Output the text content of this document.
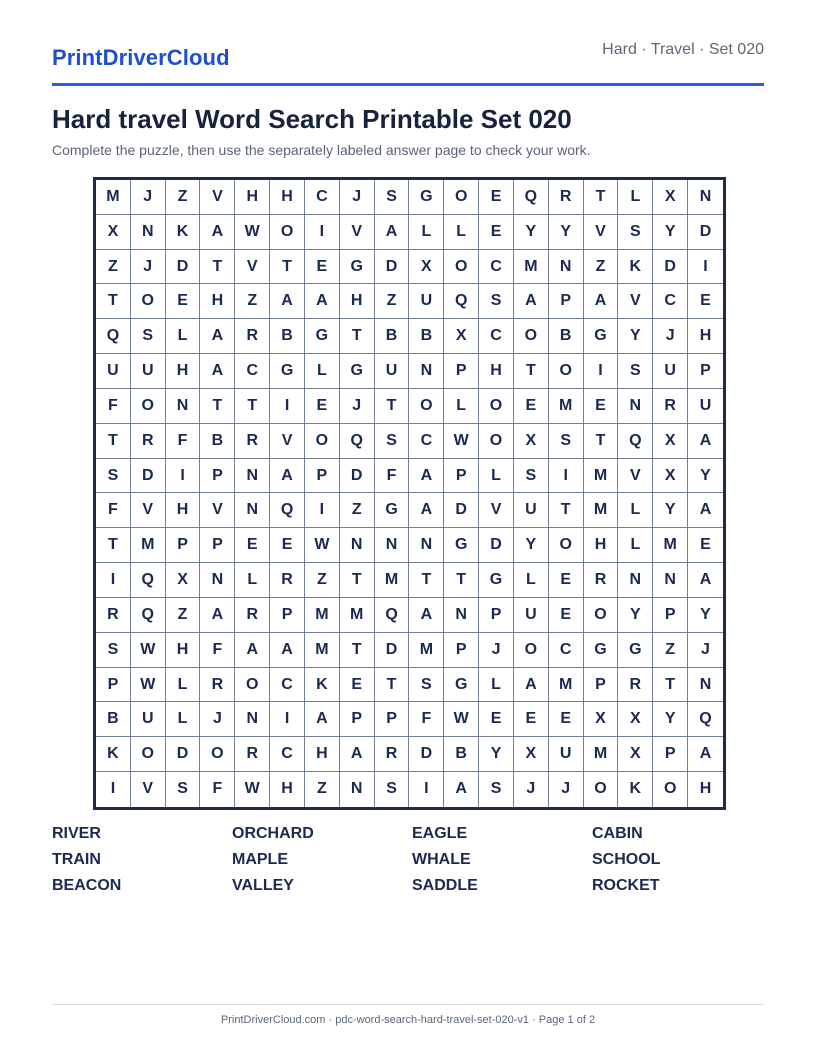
PrintDriverCloud	Hard · Travel · Set 020
Hard travel Word Search Printable Set 020
Complete the puzzle, then use the separately labeled answer page to check your work.
M	J	Z	V	H	H	C	J	S	G	O	E	Q	R	T	L	X	N
X	N	K	A	W	O	I	V	A	L	L	E	Y	Y	V	S	Y	D
Z	J	D	T	V	T	E	G	D	X	O	C	M	N	Z	K	D	I
T	O	E	H	Z	A	A	H	Z	U	Q	S	A	P	A	V	C	E
Q	S	L	A	R	B	G	T	B	B	X	C	O	B	G	Y	J	H
U	U	H	A	C	G	L	G	U	N	P	H	T	O	I	S	U	P
F	O	N	T	T	I	E	J	T	O	L	O	E	M	E	N	R	U
T	R	F	B	R	V	O	Q	S	C	W	O	X	S	T	Q	X	A
S	D	I	P	N	A	P	D	F	A	P	L	S	I	M	V	X	Y
F	V	H	V	N	Q	I	Z	G	A	D	V	U	T	M	L	Y	A
T	M	P	P	E	E	W	N	N	N	G	D	Y	O	H	L	M	E
I	Q	X	N	L	R	Z	T	M	T	T	G	L	E	R	N	N	A
R	Q	Z	A	R	P	M	M	Q	A	N	P	U	E	O	Y	P	Y
S	W	H	F	A	A	M	T	D	M	P	J	O	C	G	G	Z	J
P	W	L	R	O	C	K	E	T	S	G	L	A	M	P	R	T	N
B	U	L	J	N	I	A	P	P	F	W	E	E	E	X	X	Y	Q
K	O	D	O	R	C	H	A	R	D	B	Y	X	U	M	X	P	A
I	V	S	F	W	H	Z	N	S	I	A	S	J	J	O	K	O	H
RIVER	ORCHARD	EAGLE	CABIN
TRAIN	MAPLE	WHALE	SCHOOL
BEACON	VALLEY	SADDLE	ROCKET
PrintDriverCloud.com · pdc-word-search-hard-travel-set-020-v1 · Page 1 of 2
